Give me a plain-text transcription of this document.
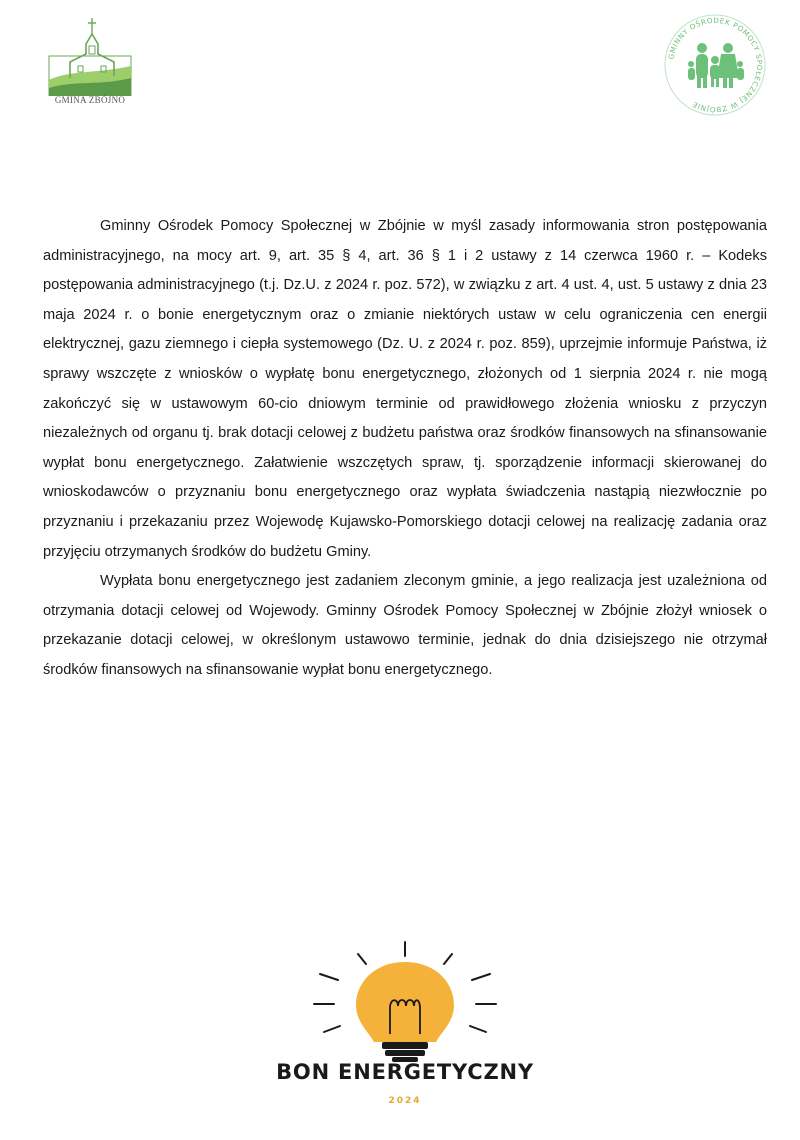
GMINA ZBÓJNO
GMINNY OŚRODEK POMOCY SPOŁECZNEJ W ZBÓJNIE

Gminny Ośrodek Pomocy Społecznej w Zbójnie w myśl zasady informowania stron postępowania administracyjnego, na mocy art. 9, art. 35 § 4, art. 36 § 1 i 2 ustawy z 14 czerwca 1960 r. – Kodeks postępowania administracyjnego (t.j. Dz.U. z 2024 r. poz. 572), w związku z art. 4 ust. 4, ust. 5 ustawy z dnia 23 maja 2024 r. o bonie energetycznym oraz o zmianie niektórych ustaw w celu ograniczenia cen energii elektrycznej, gazu ziemnego i ciepła systemowego (Dz. U. z 2024 r. poz. 859), uprzejmie informuje Państwa, iż sprawy wszczęte z wniosków o wypłatę bonu energetycznego, złożonych od 1 sierpnia 2024 r. nie mogą zakończyć się w ustawowym 60-cio dniowym terminie od prawidłowego złożenia wniosku z przyczyn niezależnych od organu tj. brak dotacji celowej z budżetu państwa oraz środków finansowych na sfinansowanie wypłat bonu energetycznego. Załatwienie wszczętych spraw, tj. sporządzenie informacji skierowanej do wnioskodawców o przyznaniu bonu energetycznego oraz wypłata świadczenia nastąpią niezwłocznie po przyznaniu i przekazaniu przez Wojewodę Kujawsko-Pomorskiego dotacji celowej na realizację zadania oraz przyjęciu otrzymanych środków do budżetu Gminy.

Wypłata bonu energetycznego jest zadaniem zleconym gminie, a jego realizacja jest uzależniona od otrzymania dotacji celowej od Wojewody. Gminny Ośrodek Pomocy Społecznej w Zbójnie złożył wniosek o przekazanie dotacji celowej, w określonym ustawowo terminie, jednak do dnia dzisiejszego nie otrzymał środków finansowych na sfinansowanie wypłat bonu energetycznego.

BON ENERGETYCZNY
2024
